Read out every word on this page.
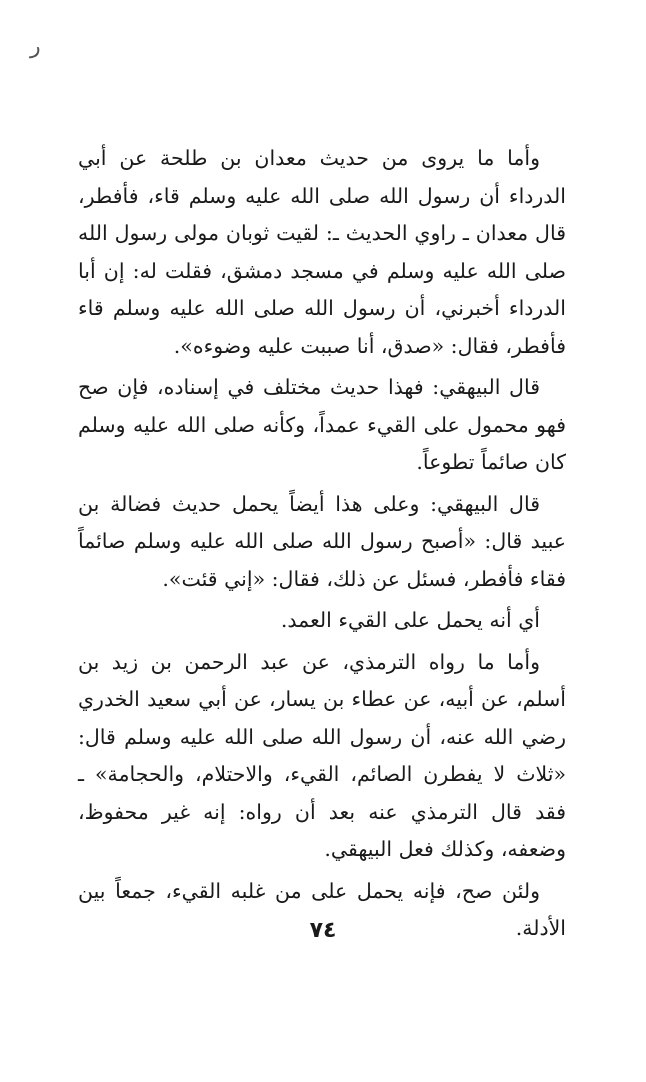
ﺭ

وأما ما يروى من حديث معدان بن طلحة عن أبي الدرداء أن رسول الله صلى الله عليه وسلم قاء، فأفطر، قال معدان ـ راوي الحديث ـ: لقيت ثوبان مولى رسول الله صلى الله عليه وسلم في مسجد دمشق، فقلت له: إن أبا الدرداء أخبرني، أن رسول الله صلى الله عليه وسلم قاء فأفطر، فقال: «صدق، أنا صببت عليه وضوءه».

قال البيهقي: فهذا حديث مختلف في إسناده، فإن صح فهو محمول على القيء عمداً، وكأنه صلى الله عليه وسلم كان صائماً تطوعاً.

قال البيهقي: وعلى هذا أيضاً يحمل حديث فضالة بن عبيد قال: «أصبح رسول الله صلى الله عليه وسلم صائماً فقاء فأفطر، فسئل عن ذلك، فقال: «إني قئت».

أي أنه يحمل على القيء العمد.

وأما ما رواه الترمذي، عن عبد الرحمن بن زيد بن أسلم، عن أبيه، عن عطاء بن يسار، عن أبي سعيد الخدري رضي الله عنه، أن رسول الله صلى الله عليه وسلم قال: «ثلاث لا يفطرن الصائم، القيء، والاحتلام، والحجامة» ـ فقد قال الترمذي عنه بعد أن رواه: إنه غير محفوظ، وضعفه، وكذلك فعل البيهقي.

ولئن صح، فإنه يحمل على من غلبه القيء، جمعاً بين الأدلة.

٧٤
